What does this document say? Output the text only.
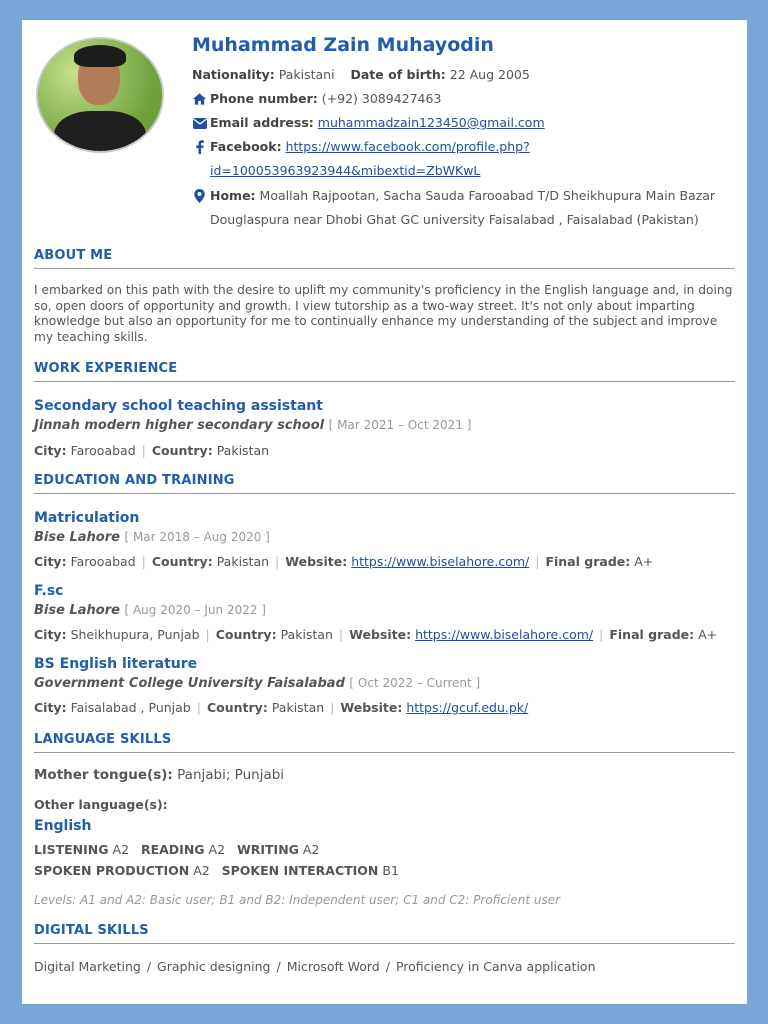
Muhammad Zain Muhayodin
Nationality: Pakistani Date of birth: 22 Aug 2005
Phone number: (+92) 3089427463
Email address: muhammadzain123450@gmail.com
Facebook: https://www.facebook.com/profile.php?
id=100053963923944&mibextid=ZbWKwL
Home: Moallah Rajpootan, Sacha Sauda Farooabad T/D Sheikhupura Main Bazar
Douglaspura near Dhobi Ghat GC university Faisalabad , Faisalabad (Pakistan)
ABOUT ME
I embarked on this path with the desire to uplift my community's proficiency in the English language and, in doing so, open doors of opportunity and growth. I view tutorship as a two-way street. It's not only about imparting knowledge but also an opportunity for me to continually enhance my understanding of the subject and improve my teaching skills.
WORK EXPERIENCE
Secondary school teaching assistant
Jinnah modern higher secondary school [ Mar 2021 – Oct 2021 ]
City: Farooabad | Country: Pakistan
EDUCATION AND TRAINING
Matriculation
Bise Lahore [ Mar 2018 – Aug 2020 ]
City: Farooabad | Country: Pakistan | Website: https://www.biselahore.com/ | Final grade: A+
F.sc
Bise Lahore [ Aug 2020 – Jun 2022 ]
City: Sheikhupura, Punjab | Country: Pakistan | Website: https://www.biselahore.com/ | Final grade: A+
BS English literature
Government College University Faisalabad [ Oct 2022 – Current ]
City: Faisalabad , Punjab | Country: Pakistan | Website: https://gcuf.edu.pk/
LANGUAGE SKILLS
Mother tongue(s): Panjabi; Punjabi
Other language(s):
English
LISTENING A2 READING A2 WRITING A2
SPOKEN PRODUCTION A2 SPOKEN INTERACTION B1
Levels: A1 and A2: Basic user; B1 and B2: Independent user; C1 and C2: Proficient user
DIGITAL SKILLS
Digital Marketing / Graphic designing / Microsoft Word / Proficiency in Canva application
